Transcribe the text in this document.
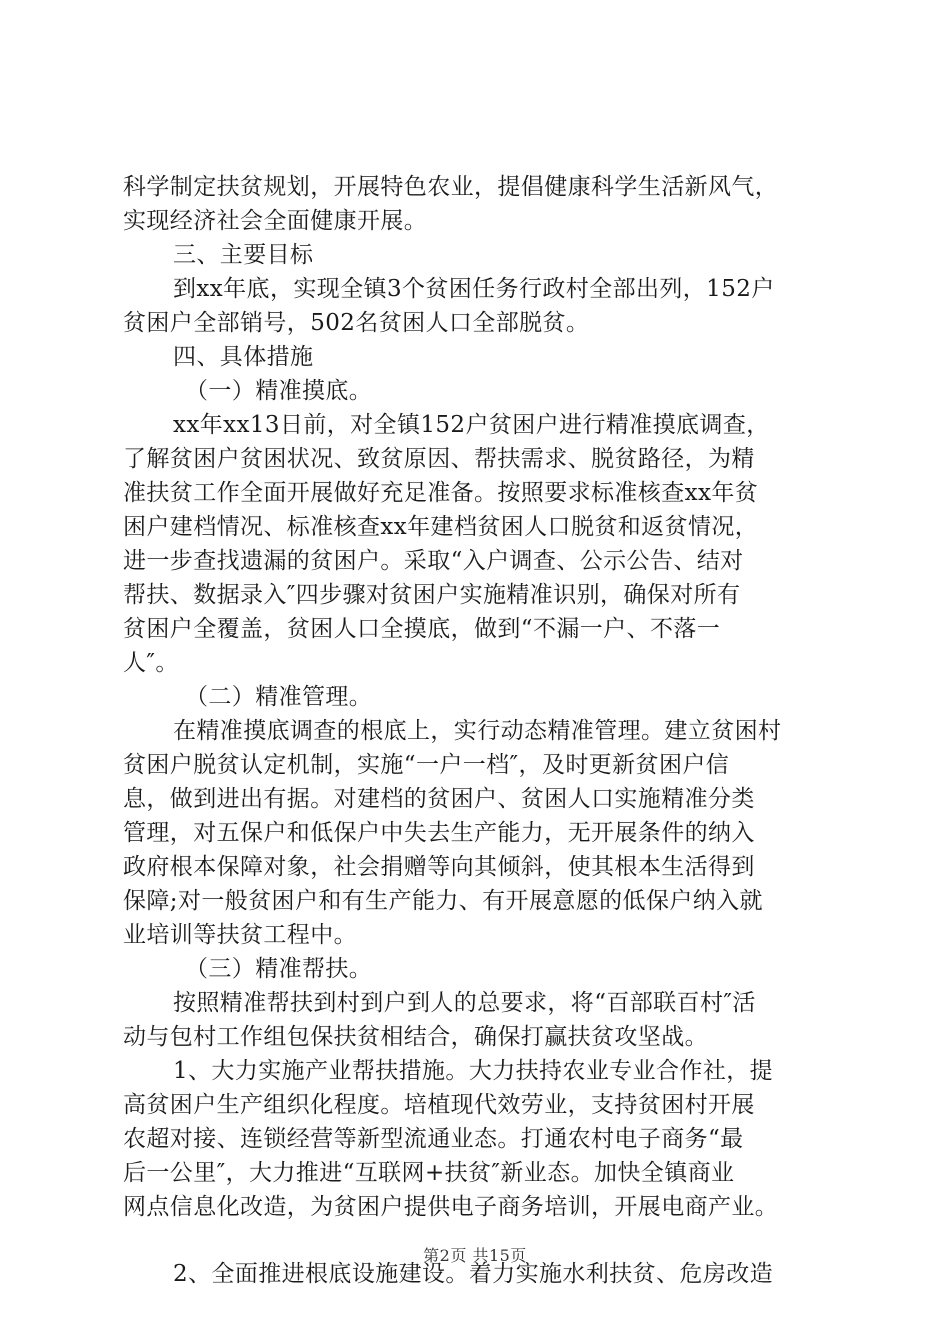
科学制定扶贫规划，开展特色农业，提倡健康科学生活新风气，
实现经济社会全面健康开展。
三、主要目标
到xx年底，实现全镇3个贫困任务行政村全部出列，152户
贫困户全部销号，502名贫困人口全部脱贫。
四、具体措施
（一）精准摸底。
xx年xx13日前，对全镇152户贫困户进行精准摸底调查，
了解贫困户贫困状况、致贫原因、帮扶需求、脱贫路径，为精
准扶贫工作全面开展做好充足准备。按照要求标准核查xx年贫
困户建档情况、标准核查xx年建档贫困人口脱贫和返贫情况，
进一步查找遗漏的贫困户。采取“入户调查、公示公告、结对
帮扶、数据录入″四步骤对贫困户实施精准识别，确保对所有
贫困户全覆盖，贫困人口全摸底，做到“不漏一户、不落一
人″。
（二）精准管理。
在精准摸底调查的根底上，实行动态精准管理。建立贫困村
贫困户脱贫认定机制，实施“一户一档″，及时更新贫困户信
息，做到进出有据。对建档的贫困户、贫困人口实施精准分类
管理，对五保户和低保户中失去生产能力，无开展条件的纳入
政府根本保障对象，社会捐赠等向其倾斜，使其根本生活得到
保障;对一般贫困户和有生产能力、有开展意愿的低保户纳入就
业培训等扶贫工程中。
（三）精准帮扶。
按照精准帮扶到村到户到人的总要求，将“百部联百村″活
动与包村工作组包保扶贫相结合，确保打赢扶贫攻坚战。
1、大力实施产业帮扶措施。大力扶持农业专业合作社，提
高贫困户生产组织化程度。培植现代效劳业，支持贫困村开展
农超对接、连锁经营等新型流通业态。打通农村电子商务“最
后一公里″，大力推进“互联网+扶贫″新业态。加快全镇商业
网点信息化改造，为贫困户提供电子商务培训，开展电商产业。
2、全面推进根底设施建设。着力实施水利扶贫、危房改造
第2页 共15页
